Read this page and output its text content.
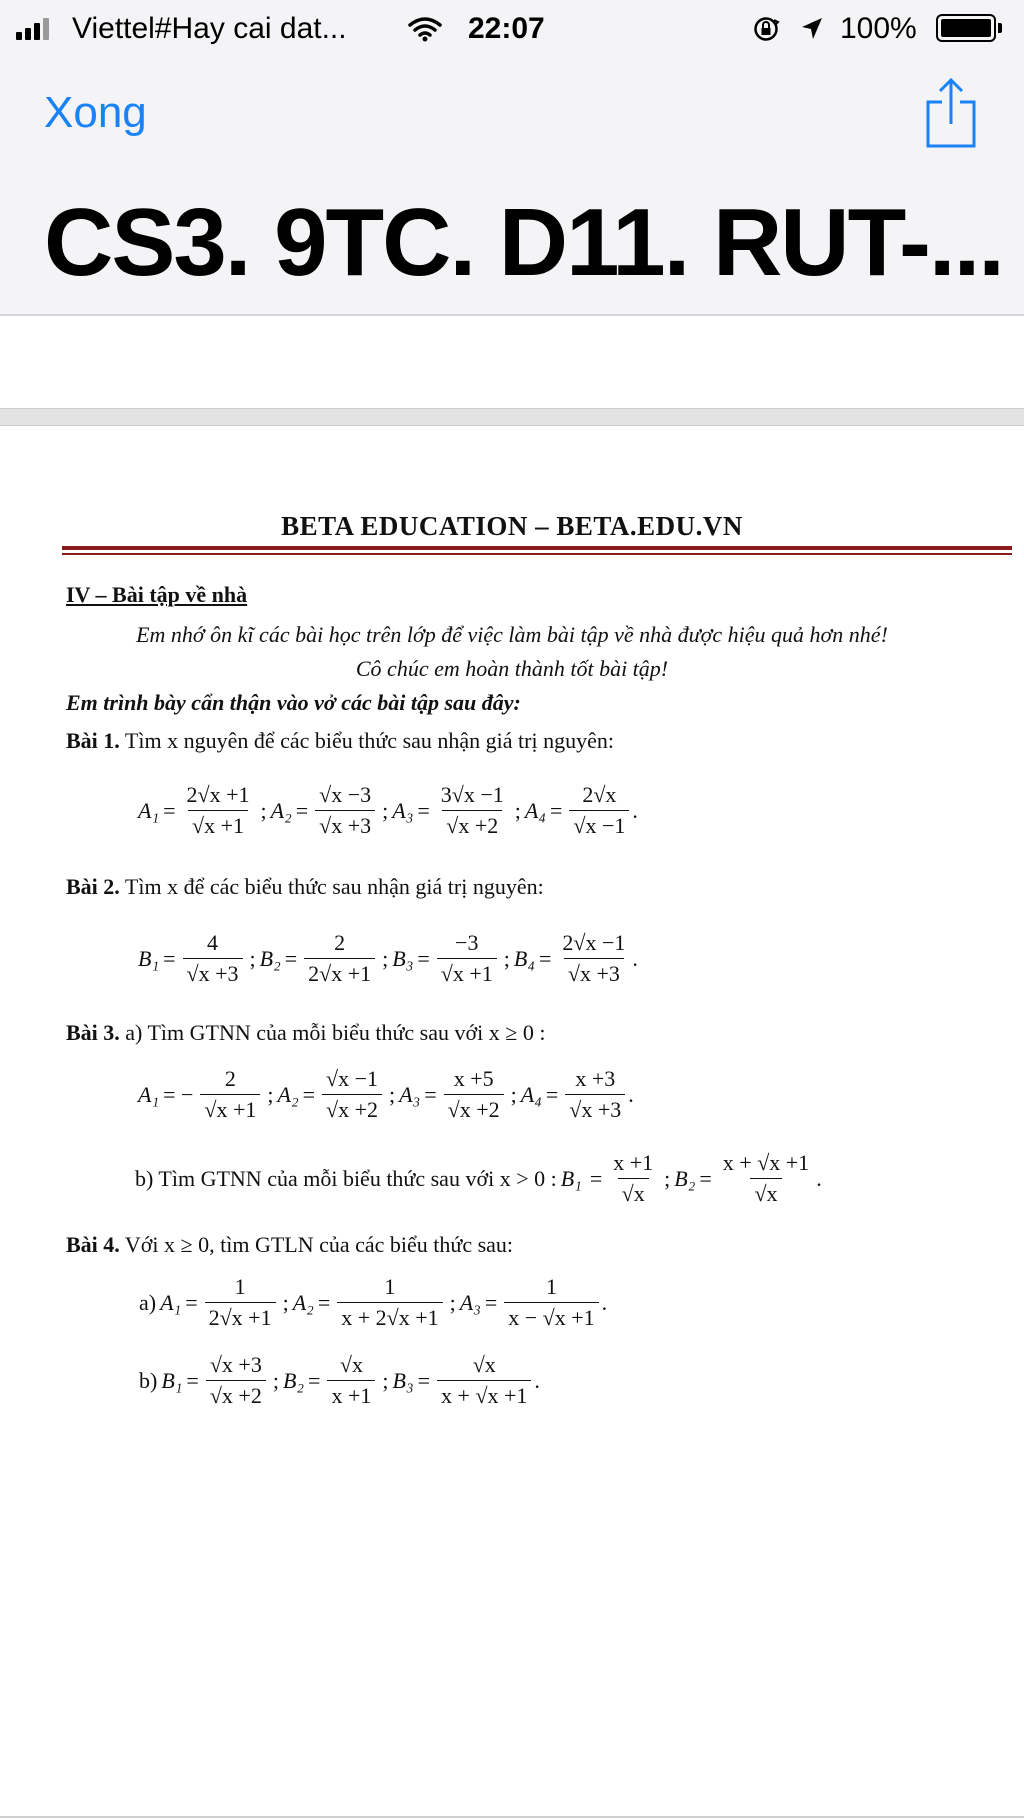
Viettel#Hay cai dat...	22:07	100%
Xong
CS3. 9TC. D11. RUT-...
BETA EDUCATION – BETA.EDU.VN
IV – Bài tập về nhà
Em nhớ ôn kĩ các bài học trên lớp để việc làm bài tập về nhà được hiệu quả hơn nhé!
Cô chúc em hoàn thành tốt bài tập!
Em trình bày cẩn thận vào vở các bài tập sau đây:
Bài 1. Tìm x nguyên để các biểu thức sau nhận giá trị nguyên:
$A_1 = \frac{2√x +1}{√x +1}$ ; $A_2 = \frac{√x -3}{√x +3}$ ; $A_3 = \frac{3√x -1}{√x +2}$ ; $A_4 = \frac{2√x}{√x -1}$ .
Bài 2. Tìm x để các biểu thức sau nhận giá trị nguyên:
$B_1 = \frac{4}{√x +3}$ ; $B_2 = \frac{2}{2√x +1}$ ; $B_3 = \frac{-3}{√x +1}$ ; $B_4 = \frac{2√x -1}{√x +3}$ .
Bài 3. a) Tìm GTNN của mỗi biểu thức sau với x ≥ 0 :
A₁ = − $\frac{2}{√x +1}$ ; $A_2 = \frac{√x -1}{√x +2}$ ; $A_3 = \frac{x +5}{√x +2}$ ; $A_4 = \frac{x +3}{√x +3}$ .
b) Tìm GTNN của mỗi biểu thức sau với x > 0 : $B_1 = \frac{x +1}{√x}$ ; $B_2 = \frac{x + √x +1}{√x}$ .
Bài 4. Với x ≥ 0, tìm GTLN của các biểu thức sau:
a) $A_1 = \frac{1}{2√x +1}$ ; $A_2 = \frac{1}{x + 2√x +1}$ ; $A_3 = \frac{1}{x - √x +1}$ .
b) $B_1 = \frac{√x +3}{√x +2}$ ; $B_2 = \frac{√x}{x +1}$ ; $B_3 = \frac{√x}{x + √x +1}$ .
